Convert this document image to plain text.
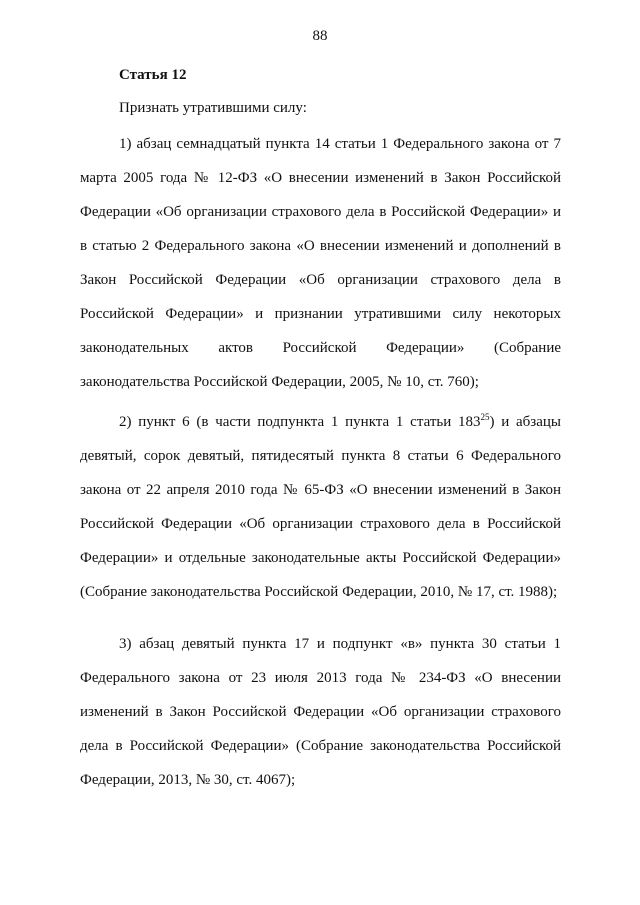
88
Статья 12
Признать утратившими силу:

1) абзац семнадцатый пункта 14 статьи 1 Федерального закона от 7 марта 2005 года № 12-ФЗ «О внесении изменений в Закон Российской Федерации «Об организации страхового дела в Российской Федерации» и в статью 2 Федерального закона «О внесении изменений и дополнений в Закон Российской Федерации «Об организации страхового дела в Российской Федерации» и признании утратившими силу некоторых законодательных актов Российской Федерации» (Собрание законодательства Российской Федерации, 2005, № 10, ст. 760);

2) пункт 6 (в части подпункта 1 пункта 1 статьи $183^{25}$) и абзацы девятый, сорок девятый, пятидесятый пункта 8 статьи 6 Федерального закона от 22 апреля 2010 года № 65-ФЗ «О внесении изменений в Закон Российской Федерации «Об организации страхового дела в Российской Федерации» и отдельные законодательные акты Российской Федерации» (Собрание законодательства Российской Федерации, 2010, № 17, ст. 1988);

3) абзац девятый пункта 17 и подпункт «в» пункта 30 статьи 1 Федерального закона от 23 июля 2013 года № 234-ФЗ «О внесении изменений в Закон Российской Федерации «Об организации страхового дела в Российской Федерации» (Собрание законодательства Российской Федерации, 2013, № 30, ст. 4067);
